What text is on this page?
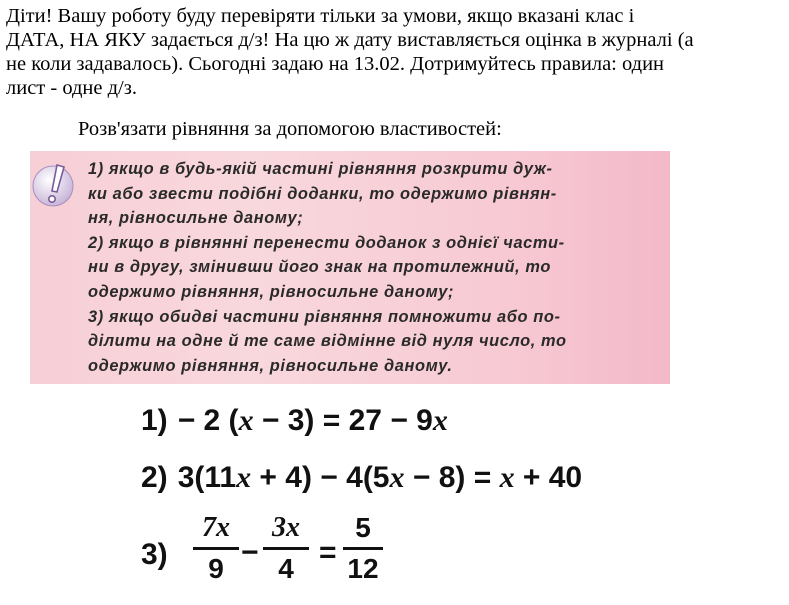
Діти! Вашу роботу буду перевіряти тільки за умови, якщо вказані клас і
ДАТА, НА ЯКУ задається д/з! На цю ж дату виставляється оцінка в журналі (а
не коли задавалось). Сьогодні задаю на 13.02. Дотримуйтесь правила: один
лист - одне д/з.
Розв'язати рівняння за допомогою властивостей:
1) якщо в будь-якій частині рівняння розкрити дуж-
ки або звести подібні доданки, то одержимо рівнян-
ня, рівносильне даному;
2) якщо в рівнянні перенести доданок з однієї части-
ни в другу, змінивши його знак на протилежний, то
одержимо рівняння, рівносильне даному;
3) якщо обидві частини рівняння помножити або по-
ділити на одне й те саме відмінне від нуля число, то
одержимо рівняння, рівносильне даному.
1) − 2 (x − 3) = 27 − 9x
2) 3(11x + 4) − 4(5x − 8) = x + 40
3)
7x
9 −
3x
4 =
5
12
